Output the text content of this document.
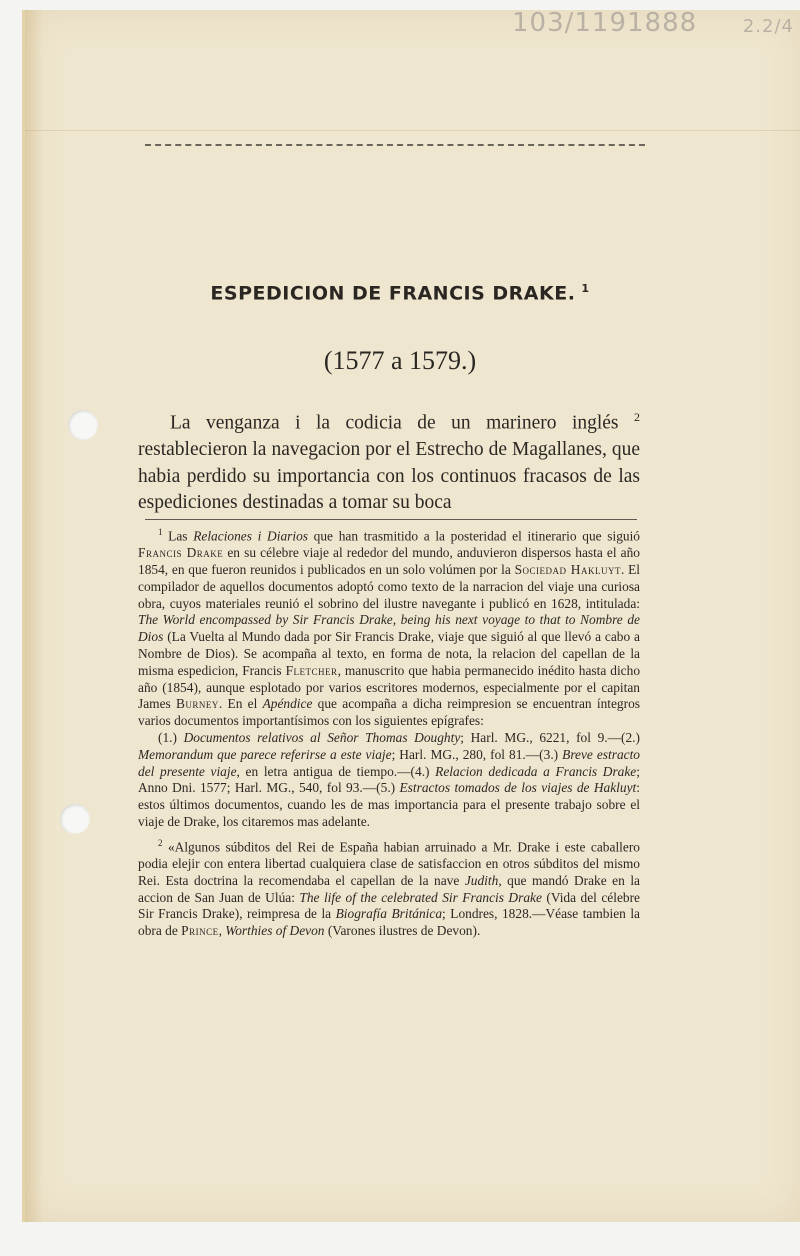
103/1191888	2.2/4
ESPEDICION DE FRANCIS DRAKE. $^1$
(1577 a 1579.)

La venganza i la codicia de un marinero inglés $^2$ restablecieron la navegacion por el Estrecho de Magallanes, que habia perdido su importancia con los continuos fracasos de las espediciones destinadas a tomar su boca

$^1$ Las Relaciones i Diarios que han trasmitido a la posteridad el itinerario que siguió Francis Drake en su célebre viaje al rededor del mundo, anduvieron dispersos hasta el año 1854, en que fueron reunidos i publicados en un solo volúmen por la Sociedad Hakluyt. El compilador de aquellos documentos adoptó como texto de la narracion del viaje una curiosa obra, cuyos materiales reunió el sobrino del ilustre navegante i publicó en 1628, intitulada: The World encompassed by Sir Francis Drake, being his next voyage to that to Nombre de Dios (La Vuelta al Mundo dada por Sir Francis Drake, viaje que siguió al que llevó a cabo a Nombre de Dios). Se acompaña al texto, en forma de nota, la relacion del capellan de la misma espedicion, Francis Fletcher, manuscrito que habia permanecido inédito hasta dicho año (1854), aunque esplotado por varios escritores modernos, especialmente por el capitan James Burney. En el Apéndice que acompaña a dicha reimpresion se encuentran íntegros varios documentos importantísimos con los siguientes epígrafes:

(1.) Documentos relativos al Señor Thomas Doughty; Harl. MG., 6221, fol 9.—(2.) Memorandum que parece referirse a este viaje; Harl. MG., 280, fol 81.—(3.) Breve estracto del presente viaje, en letra antigua de tiempo.—(4.) Relacion dedicada a Francis Drake; Anno Dni. 1577; Harl. MG., 540, fol 93.—(5.) Estractos tomados de los viajes de Hakluyt: estos últimos documentos, cuando les de mas importancia para el presente trabajo sobre el viaje de Drake, los citaremos mas adelante.

$^2$ «Algunos súbditos del Rei de España habian arruinado a Mr. Drake i este caballero podia elejir con entera libertad cualquiera clase de satisfaccion en otros súbditos del mismo Rei. Esta doctrina la recomendaba el capellan de la nave Judith, que mandó Drake en la accion de San Juan de Ulúa: The life of the celebrated Sir Francis Drake (Vida del célebre Sir Francis Drake), reimpresa de la Biografía Británica; Londres, 1828.—Véase tambien la obra de Prince, Worthies of Devon (Varones ilustres de Devon).
